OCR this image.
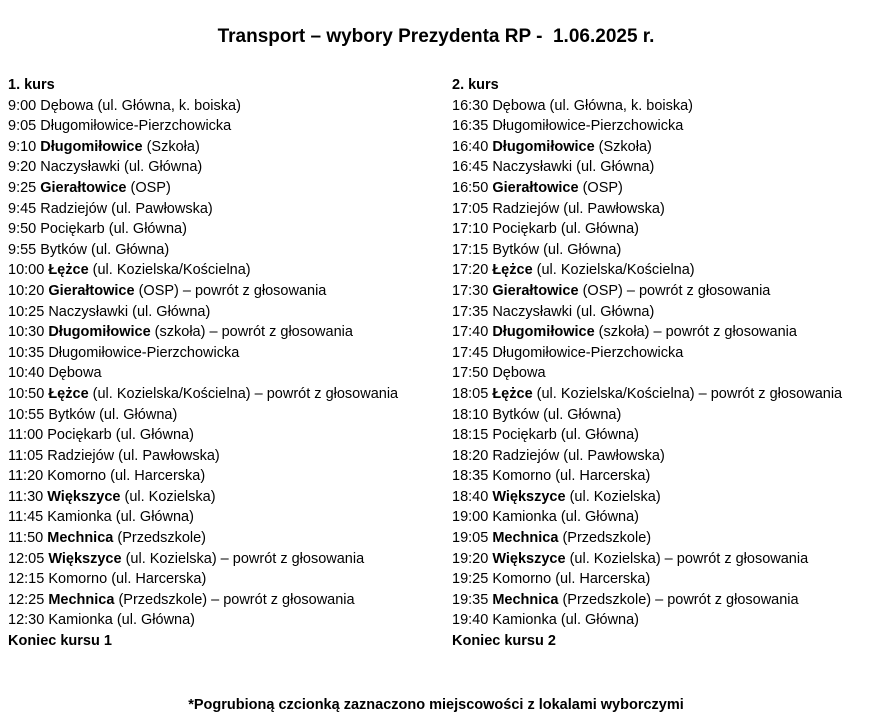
Transport – wybory Prezydenta RP -  1.06.2025 r.
1. kurs
9:00 Dębowa (ul. Główna, k. boiska)
9:05 Długomiłowice-Pierzchowicka
9:10 Długomiłowice (Szkoła)
9:20 Naczysławki (ul. Główna)
9:25 Gierałtowice (OSP)
9:45 Radziejów (ul. Pawłowska)
9:50 Pociękarb (ul. Główna)
9:55 Bytków (ul. Główna)
10:00 Łężce (ul. Kozielska/Kościelna)
10:20 Gierałtowice (OSP) – powrót z głosowania
10:25 Naczysławki (ul. Główna)
10:30 Długomiłowice (szkoła) – powrót z głosowania
10:35 Długomiłowice-Pierzchowicka
10:40 Dębowa
10:50 Łężce (ul. Kozielska/Kościelna) – powrót z głosowania
10:55 Bytków (ul. Główna)
11:00 Pociękarb (ul. Główna)
11:05 Radziejów (ul. Pawłowska)
11:20 Komorno (ul. Harcerska)
11:30 Większyce (ul. Kozielska)
11:45 Kamionka (ul. Główna)
11:50 Mechnica (Przedszkole)
12:05 Większyce (ul. Kozielska) – powrót z głosowania
12:15 Komorno (ul. Harcerska)
12:25 Mechnica (Przedszkole) – powrót z głosowania
12:30 Kamionka (ul. Główna)
Koniec kursu 1
2. kurs
16:30 Dębowa (ul. Główna, k. boiska)
16:35 Długomiłowice-Pierzchowicka
16:40 Długomiłowice (Szkoła)
16:45 Naczysławki (ul. Główna)
16:50 Gierałtowice (OSP)
17:05 Radziejów (ul. Pawłowska)
17:10 Pociękarb (ul. Główna)
17:15 Bytków (ul. Główna)
17:20 Łężce (ul. Kozielska/Kościelna)
17:30 Gierałtowice (OSP) – powrót z głosowania
17:35 Naczysławki (ul. Główna)
17:40 Długomiłowice (szkoła) – powrót z głosowania
17:45 Długomiłowice-Pierzchowicka
17:50 Dębowa
18:05 Łężce (ul. Kozielska/Kościelna) – powrót z głosowania
18:10 Bytków (ul. Główna)
18:15 Pociękarb (ul. Główna)
18:20 Radziejów (ul. Pawłowska)
18:35 Komorno (ul. Harcerska)
18:40 Większyce (ul. Kozielska)
19:00 Kamionka (ul. Główna)
19:05 Mechnica (Przedszkole)
19:20 Większyce (ul. Kozielska) – powrót z głosowania
19:25 Komorno (ul. Harcerska)
19:35 Mechnica (Przedszkole) – powrót z głosowania
19:40 Kamionka (ul. Główna)
Koniec kursu 2
*Pogrubioną czcionką zaznaczono miejscowości z lokalami wyborczymi
